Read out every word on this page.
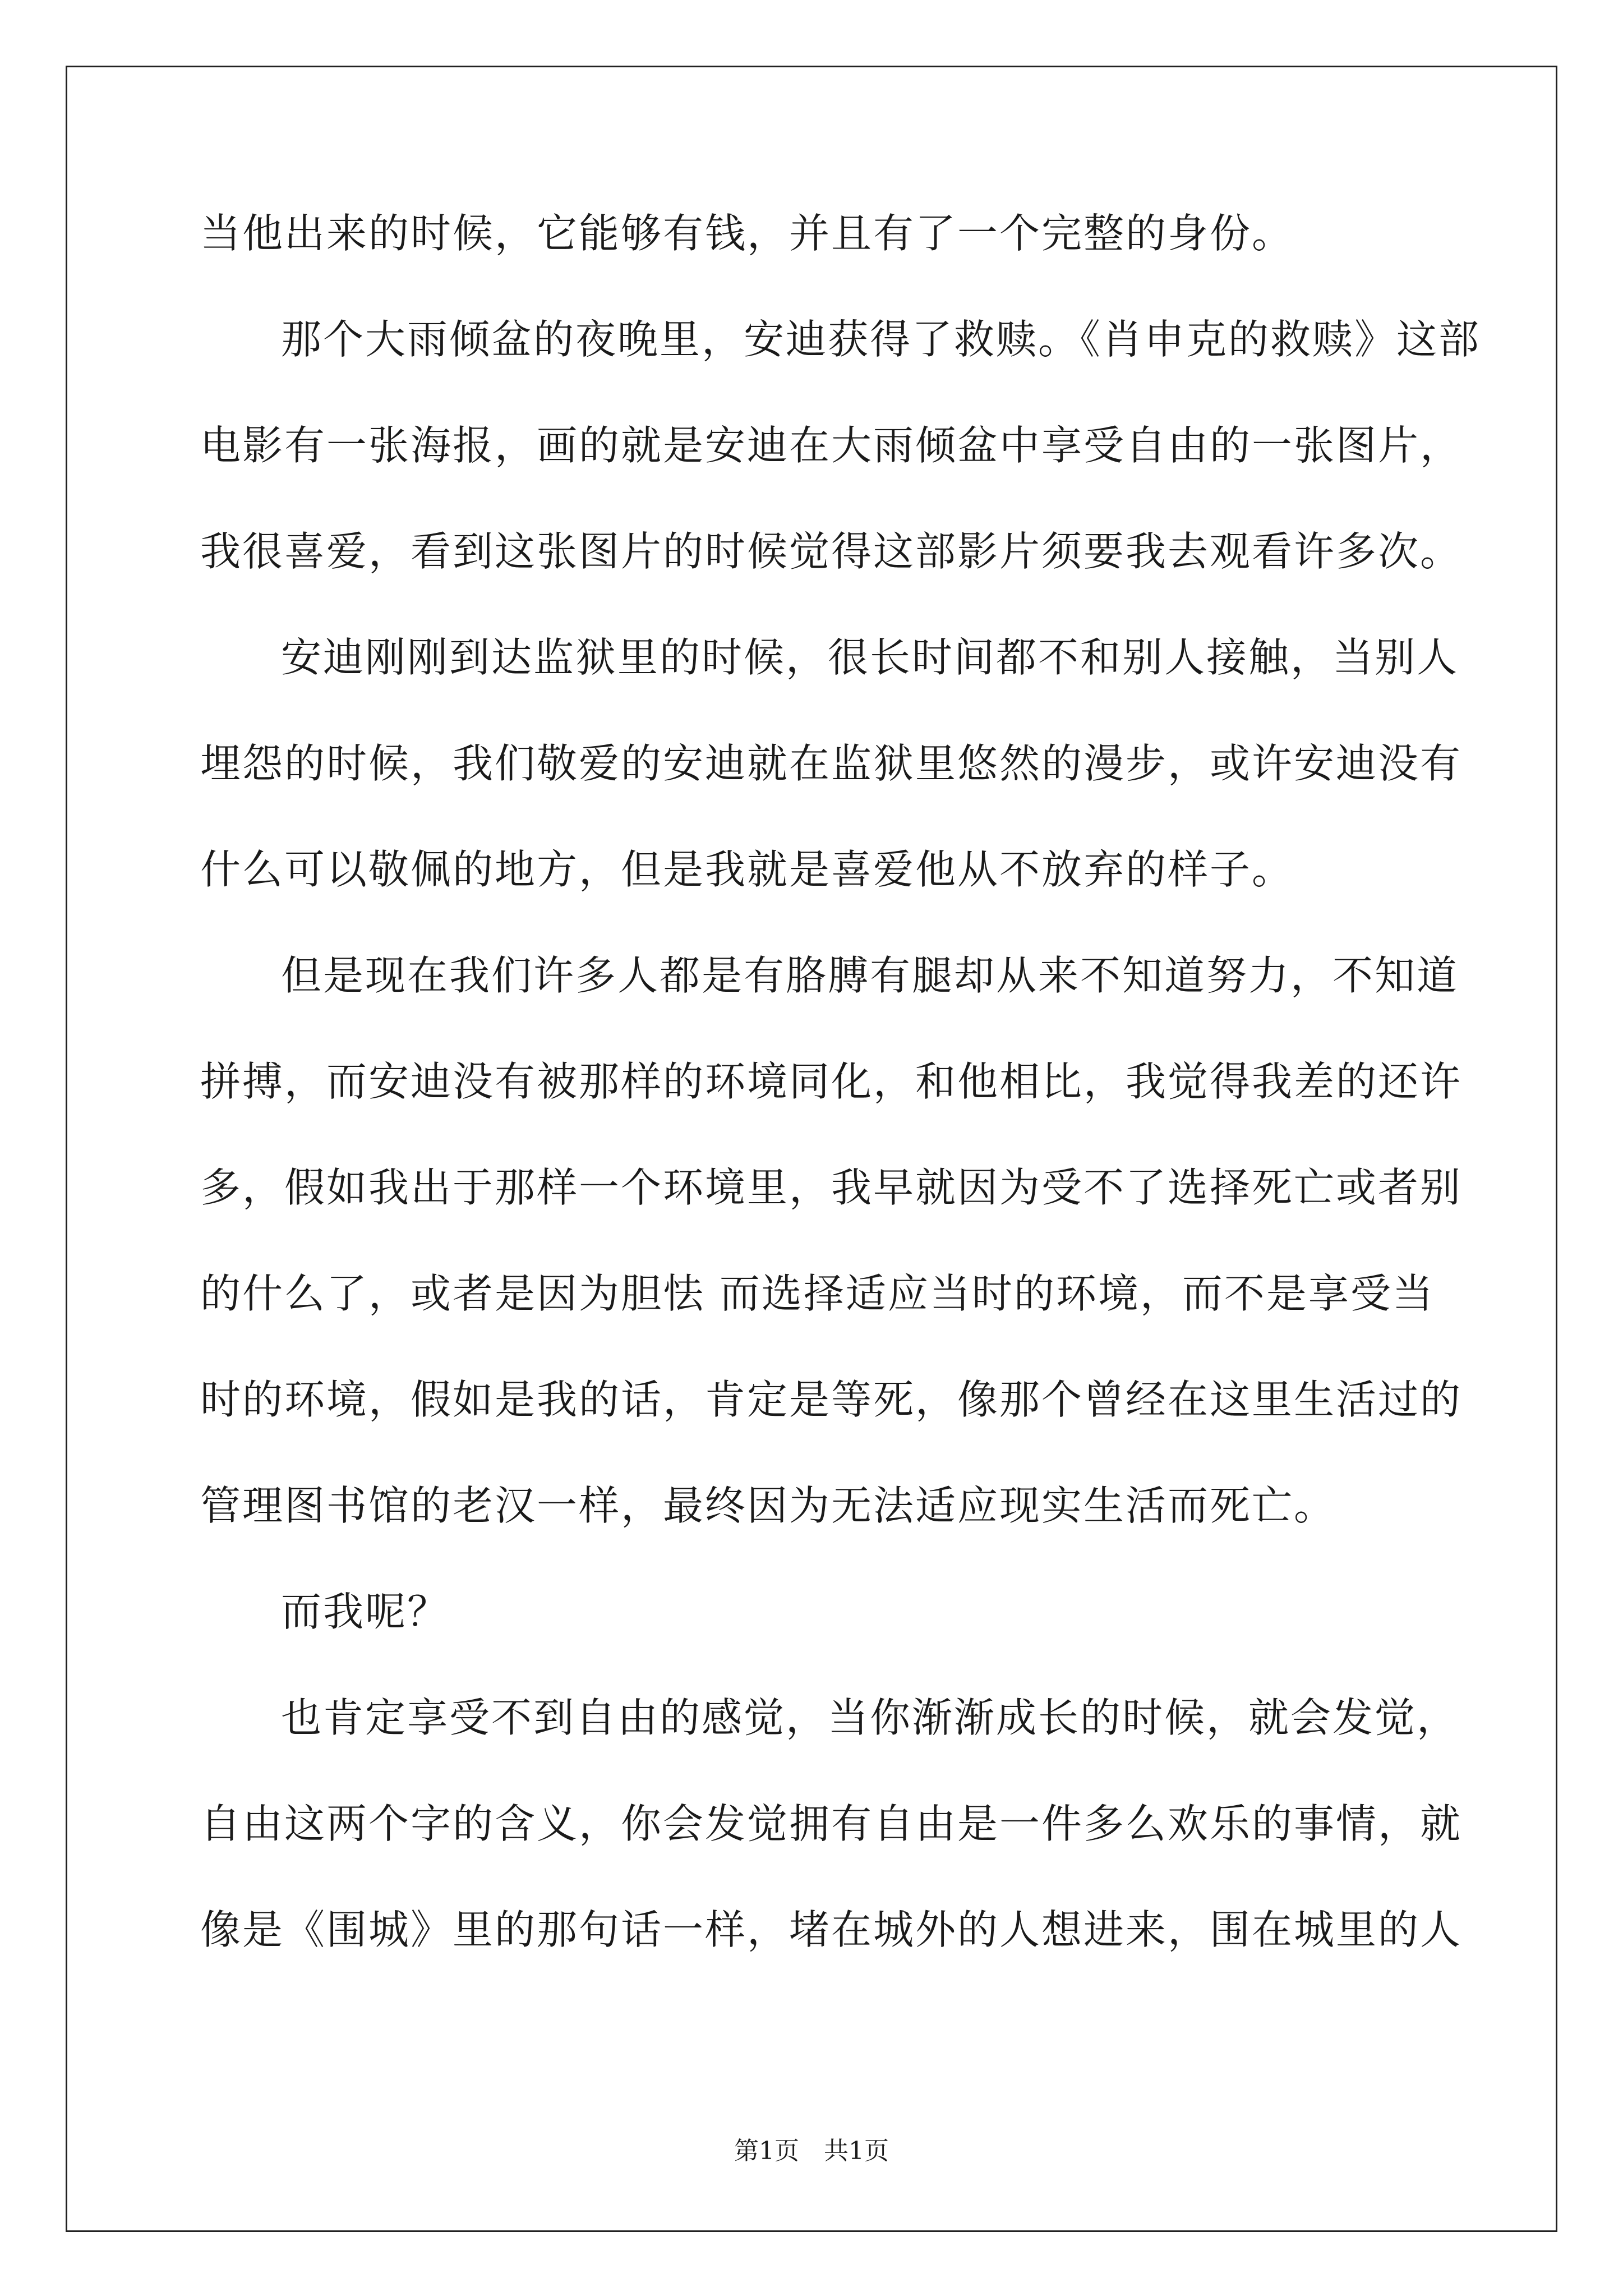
当他出来的时候，它能够有钱，并且有了一个完整的身份。
那个大雨倾盆的夜晚里，安迪获得了救赎。《肖申克的救赎》这部
电影有一张海报，画的就是安迪在大雨倾盆中享受自由的一张图片，
我很喜爱，看到这张图片的时候觉得这部影片须要我去观看许多次。
安迪刚刚到达监狱里的时候，很长时间都不和别人接触，当别人
埋怨的时候，我们敬爱的安迪就在监狱里悠然的漫步，或许安迪没有
什么可以敬佩的地方，但是我就是喜爱他从不放弃的样子。
但是现在我们许多人都是有胳膊有腿却从来不知道努力，不知道
拼搏，而安迪没有被那样的环境同化，和他相比，我觉得我差的还许
多，假如我出于那样一个环境里，我早就因为受不了选择死亡或者别
的什么了，或者是因为胆怯 而选择适应当时的环境，而不是享受当
时的环境，假如是我的话，肯定是等死，像那个曾经在这里生活过的
管理图书馆的老汉一样，最终因为无法适应现实生活而死亡。
而我呢？
也肯定享受不到自由的感觉，当你渐渐成长的时候，就会发觉，
自由这两个字的含义，你会发觉拥有自由是一件多么欢乐的事情，就
像是《围城》里的那句话一样，堵在城外的人想进来，围在城里的人
第1页　共1页
